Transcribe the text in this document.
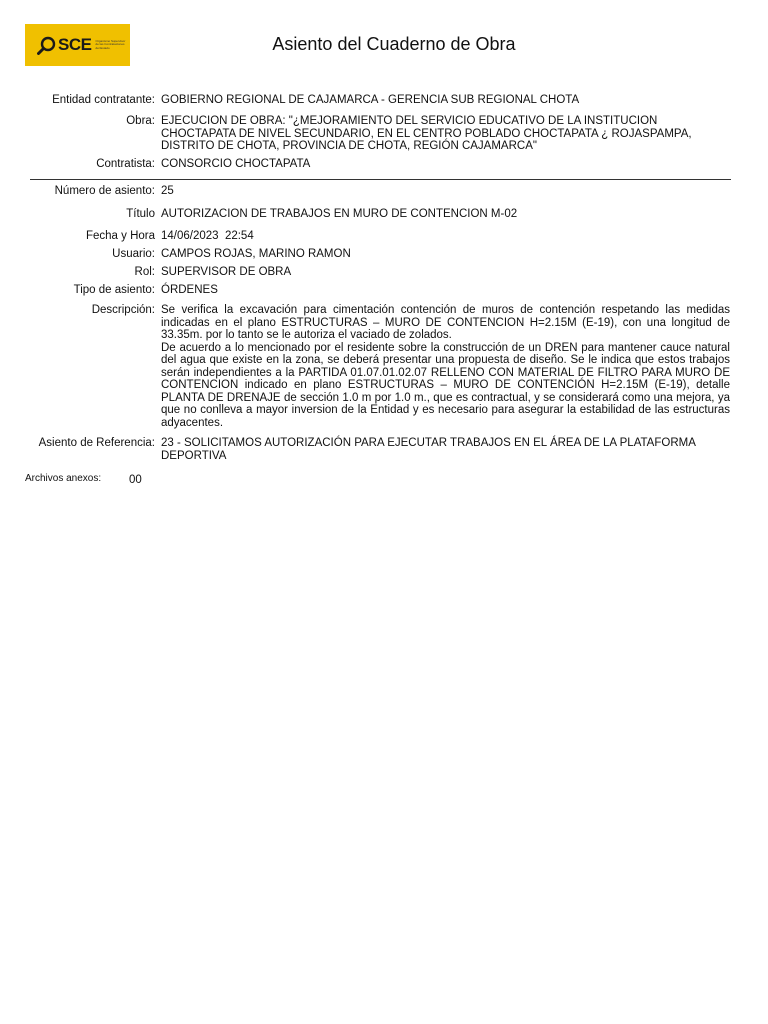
SCE Organismo Supervisor de las Contrataciones del Estado	Asiento del Cuaderno de Obra
Entidad contratante: GOBIERNO REGIONAL DE CAJAMARCA - GERENCIA SUB REGIONAL CHOTA
Obra: EJECUCION DE OBRA: "¿MEJORAMIENTO DEL SERVICIO EDUCATIVO DE LA INSTITUCION CHOCTAPATA DE NIVEL SECUNDARIO, EN EL CENTRO POBLADO CHOCTAPATA ¿ ROJASPAMPA, DISTRITO DE CHOTA, PROVINCIA DE CHOTA, REGIÓN CAJAMARCA"
Contratista: CONSORCIO CHOCTAPATA
Número de asiento: 25
Título AUTORIZACION DE TRABAJOS EN MURO DE CONTENCION M-02
Fecha y Hora 14/06/2023  22:54
Usuario: CAMPOS ROJAS, MARINO RAMON
Rol: SUPERVISOR DE OBRA
Tipo de asiento: ÓRDENES
Descripción: Se verifica la excavación para cimentación contención de muros de contención respetando las medidas indicadas en el plano ESTRUCTURAS – MURO DE CONTENCION H=2.15M (E-19), con una longitud de 33.35m. por lo tanto se le autoriza el vaciado de zolados.
De acuerdo a lo mencionado por el residente sobre la construcción de un DREN para mantener cauce natural del agua que existe en la zona, se deberá presentar una propuesta de diseño. Se le indica que estos trabajos serán independientes a la PARTIDA 01.07.01.02.07 RELLENO CON MATERIAL DE FILTRO PARA MURO DE CONTENCION indicado en plano ESTRUCTURAS – MURO DE CONTENCIÓN H=2.15M (E-19), detalle PLANTA DE DRENAJE de sección 1.0 m por 1.0 m., que es contractual, y se considerará como una mejora, ya que no conlleva a mayor inversion de la Entidad y es necesario para asegurar la estabilidad de las estructuras adyacentes.
Asiento de Referencia: 23 - SOLICITAMOS AUTORIZACIÓN PARA EJECUTAR TRABAJOS EN EL ÁREA DE LA PLATAFORMA DEPORTIVA
Archivos anexos: 00
